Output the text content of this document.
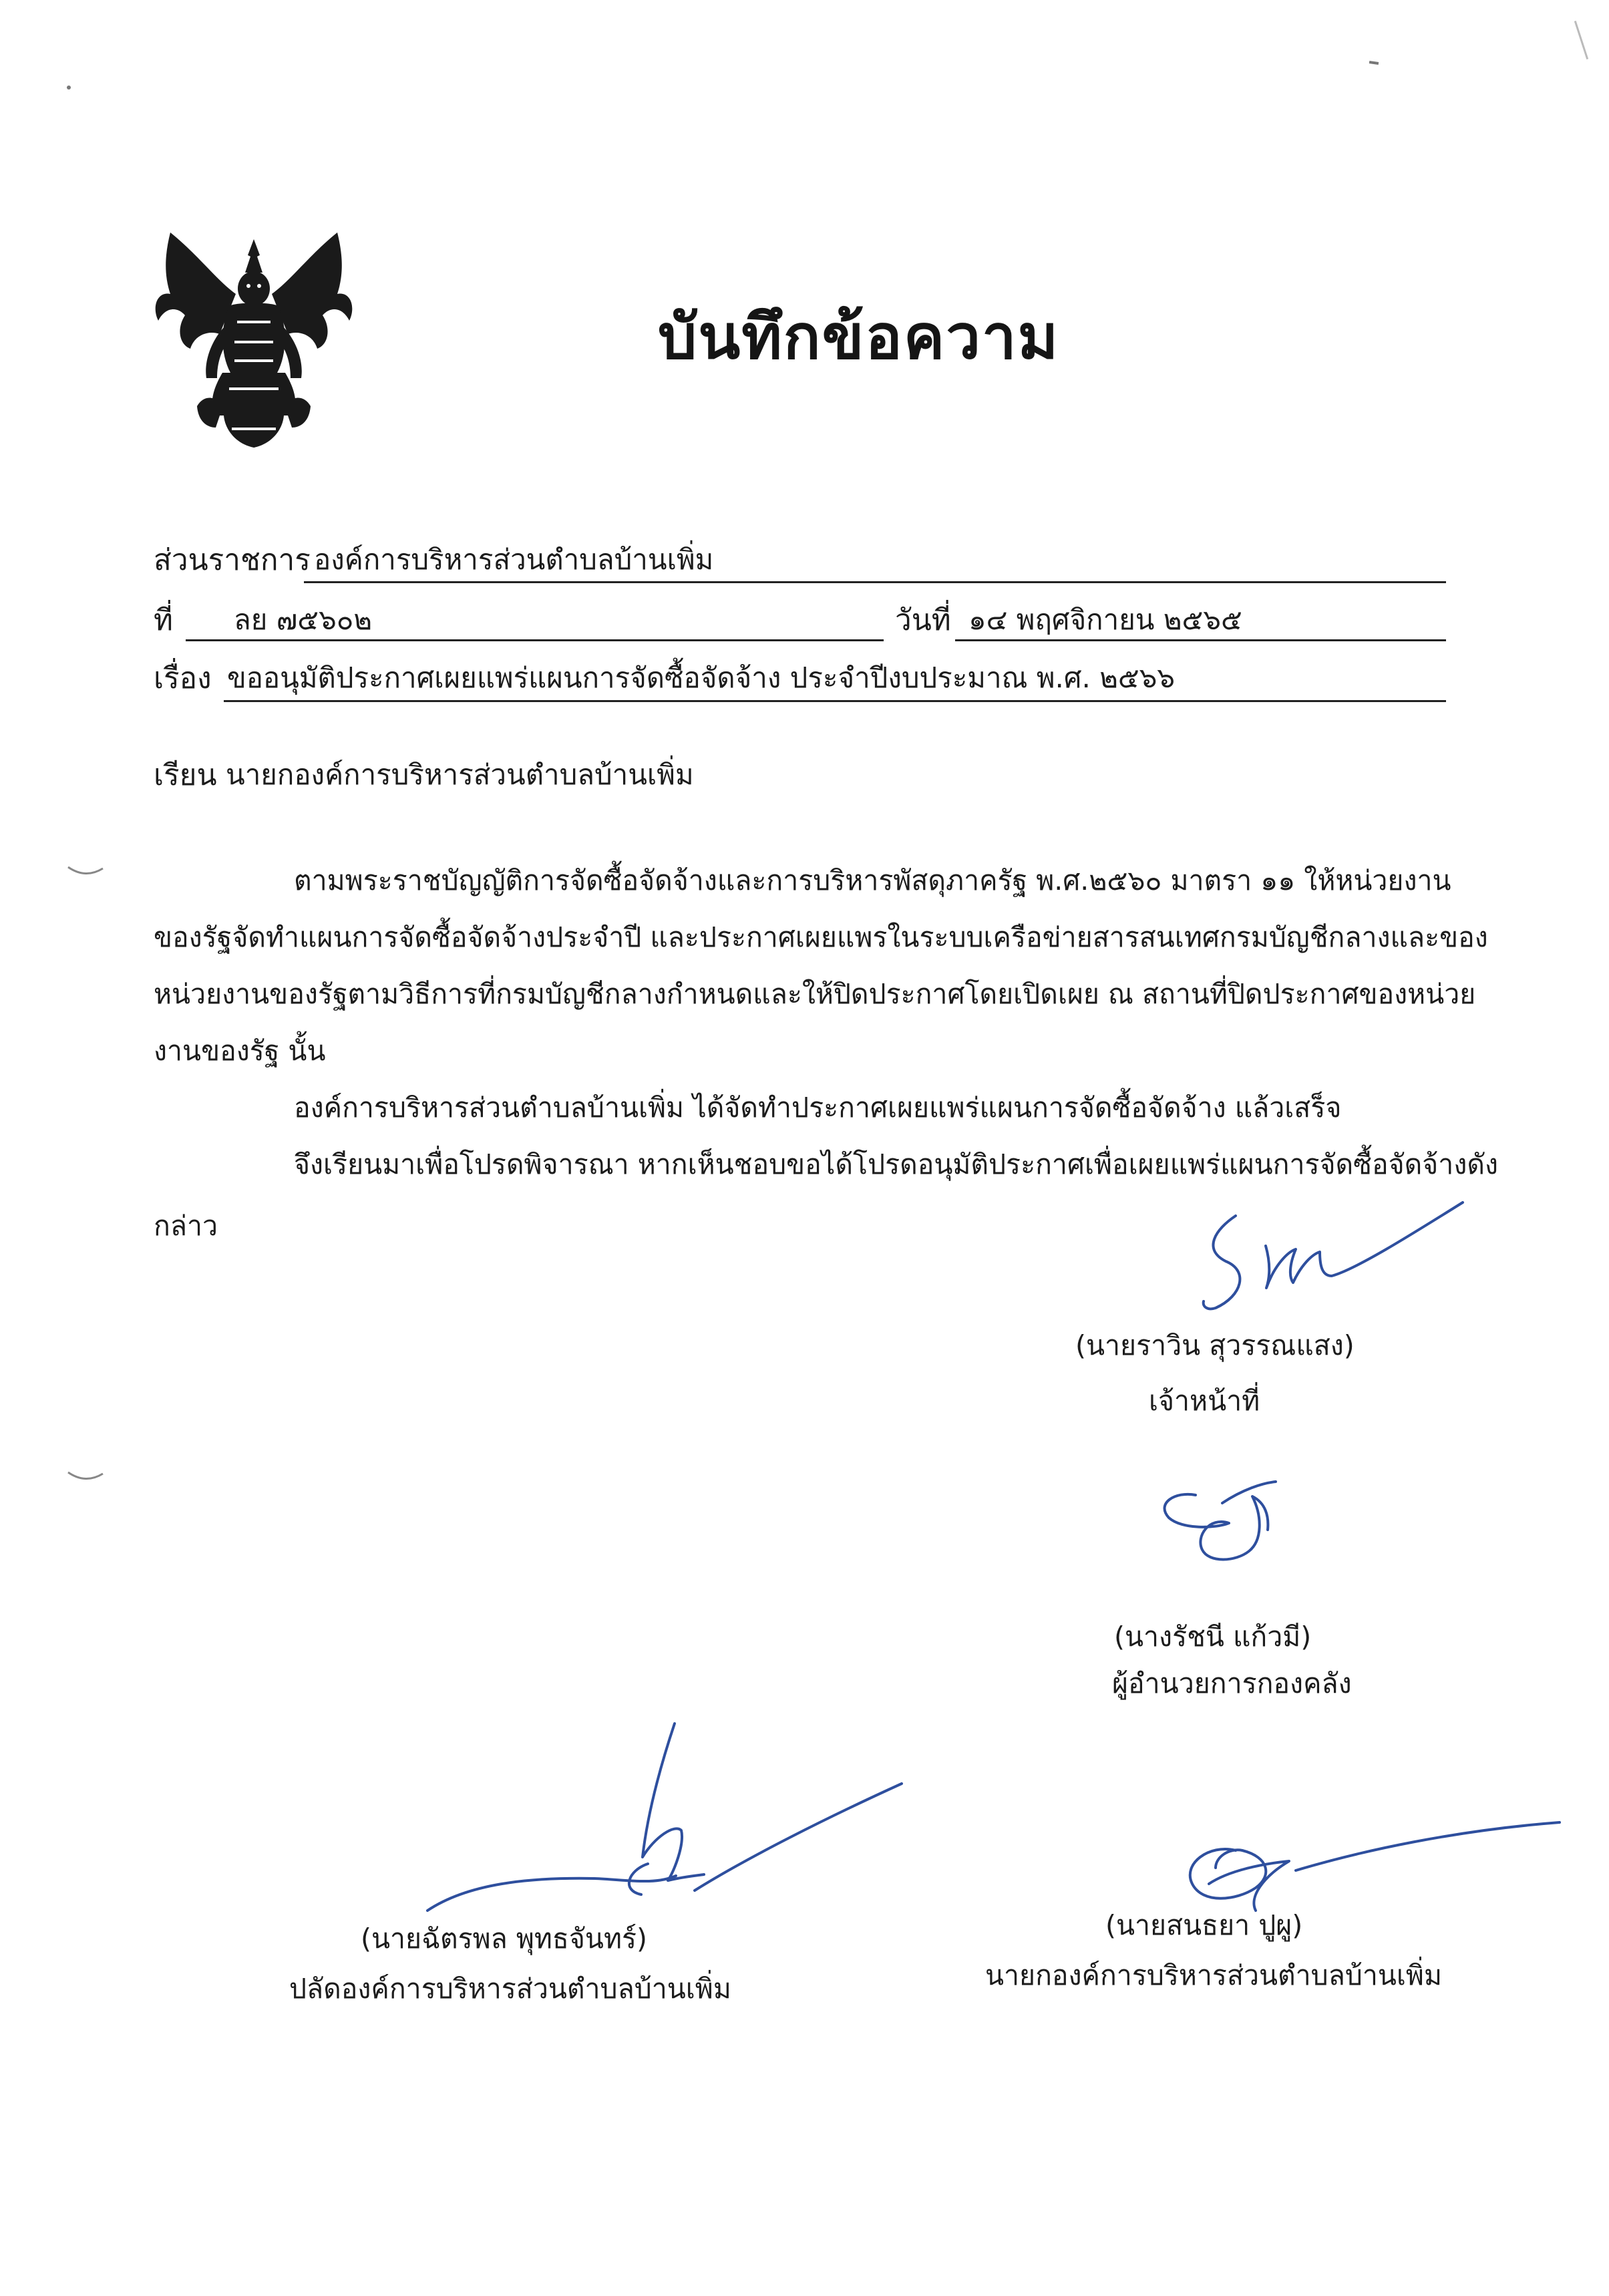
บันทึกข้อความ
ส่วนราชการ องค์การบริหารส่วนตำบลบ้านเพิ่ม
ที่ ลย ๗๕๖๐๒	วันที่ ๑๔ พฤศจิกายน ๒๕๖๕
เรื่อง ขออนุมัติประกาศเผยแพร่แผนการจัดซื้อจัดจ้าง ประจำปีงบประมาณ พ.ศ. ๒๕๖๖
เรียน นายกองค์การบริหารส่วนตำบลบ้านเพิ่ม
ตามพระราชบัญญัติการจัดซื้อจัดจ้างและการบริหารพัสดุภาครัฐ พ.ศ.๒๕๖๐ มาตรา ๑๑ ให้หน่วยงาน
ของรัฐจัดทำแผนการจัดซื้อจัดจ้างประจำปี และประกาศเผยแพรในระบบเครือข่ายสารสนเทศกรมบัญชีกลางและของ
หน่วยงานของรัฐตามวิธีการที่กรมบัญชีกลางกำหนดและให้ปิดประกาศโดยเปิดเผย ณ สถานที่ปิดประกาศของหน่วย
งานของรัฐ นั้น
องค์การบริหารส่วนตำบลบ้านเพิ่ม ได้จัดทำประกาศเผยแพร่แผนการจัดซื้อจัดจ้าง แล้วเสร็จ
จึงเรียนมาเพื่อโปรดพิจารณา หากเห็นชอบขอได้โปรดอนุมัติประกาศเพื่อเผยแพร่แผนการจัดซื้อจัดจ้างดัง
กล่าว
(นายราวิน สุวรรณแสง)
เจ้าหน้าที่
(นางรัชนี แก้วมี)
ผู้อำนวยการกองคลัง
(นายฉัตรพล พุทธจันทร์)
ปลัดองค์การบริหารส่วนตำบลบ้านเพิ่ม
(นายสนธยา ปูผู)
นายกองค์การบริหารส่วนตำบลบ้านเพิ่ม
